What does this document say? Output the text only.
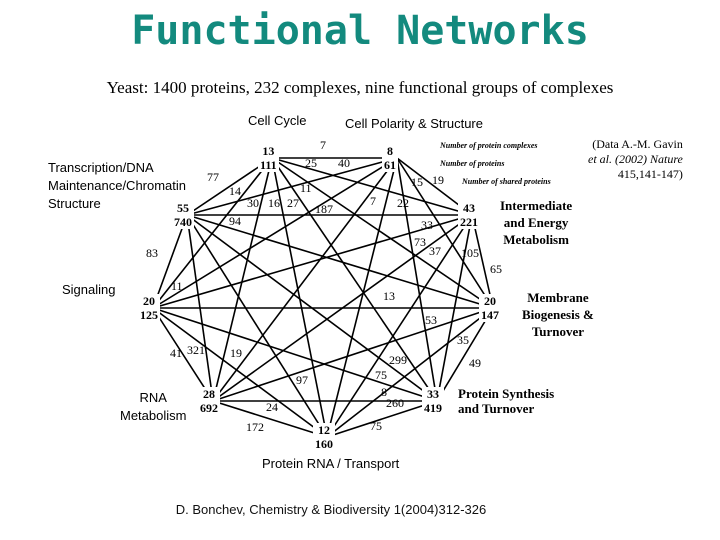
Functional Networks
Yeast: 1400 proteins, 232 complexes, nine functional groups of complexes
Cell Cycle	Cell Polarity & Structure
Transcription/DNA
Maintenance/Chromatin
Structure
Signaling
RNA
Metabolism
Protein RNA / Transport
Protein Synthesis
and Turnover
Membrane
Biogenesis &
Turnover
Intermediate
and Energy
Metabolism
13
111
8
61
55
740
20
125
28
692
12
160
33
419
20
147
43
221
Number of protein complexes
Number of proteins
Number of shared proteins
(Data A.-M. Gavin
et al. (2002) Nature
415,141-147)
7
25 40
77
14	11
30 16 27 187
7
15 19
22
94	33
73
37 105
83
65
11
13
53
35
41 321 19	299	49
75
97
24	260
172	75
8
D. Bonchev, Chemistry & Biodiversity 1(2004)312-326
